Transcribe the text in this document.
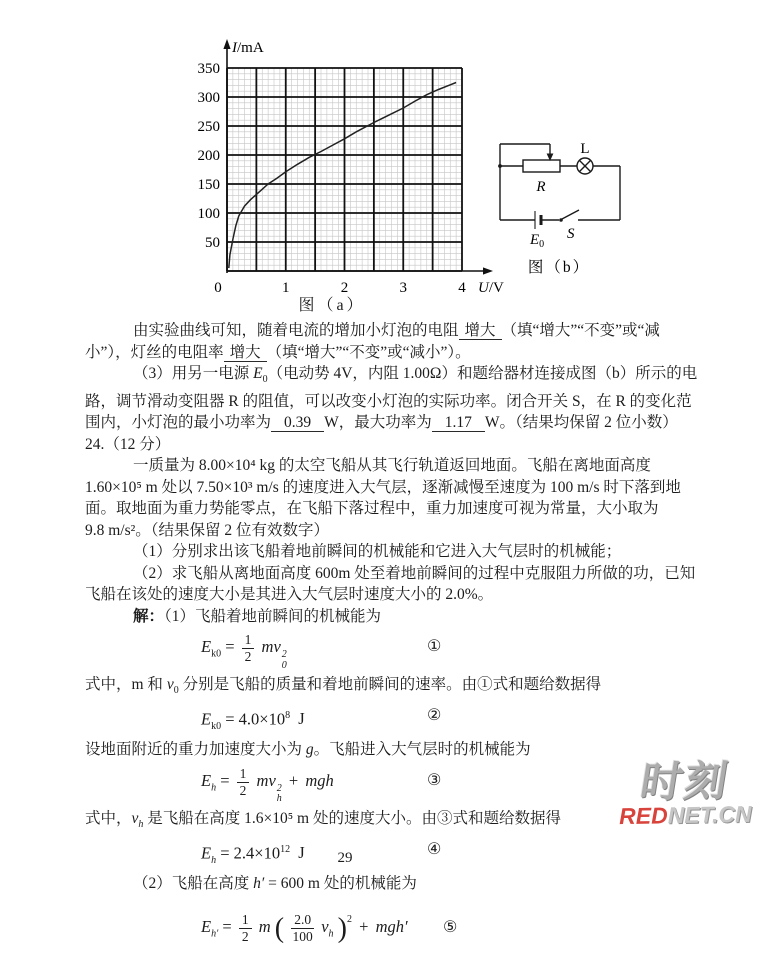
350
300
250
200
150
100
50
0	1	2	3	4
I/mA
U/V
图（a）
L
R
$E_0$
S
图（b）
由实验曲线可知，随着电流的增加小灯泡的电阻 增大 （填“增大”“不变”或“减
小”），灯丝的电阻率 增大 （填“增大”“不变”或“减小”）。
（3）用另一电源 $E_0$（电动势 4V，内阻 1.00Ω）和题给器材连接成图（b）所示的电
路，调节滑动变阻器 R 的阻值，可以改变小灯泡的实际功率。闭合开关 S，在 R 的变化范
围内，小灯泡的最小功率为 0.39 W，最大功率为 1.17 W。（结果均保留 2 位小数）
24.（12 分）
一质量为 8.00×10⁴ kg 的太空飞船从其飞行轨道返回地面。飞船在离地面高度
1.60×10⁵ m 处以 7.50×10³ m/s 的速度进入大气层，逐渐减慢至速度为 100 m/s 时下落到地
面。取地面为重力势能零点，在飞船下落过程中，重力加速度可视为常量，大小取为
9.8 m/s²。（结果保留 2 位有效数字）
（1）分别求出该飞船着地前瞬间的机械能和它进入大气层时的机械能；
（2）求飞船从离地面高度 600m 处至着地前瞬间的过程中克服阻力所做的功，已知
飞船在该处的速度大小是其进入大气层时速度大小的 2.0%。
解：（1）飞船着地前瞬间的机械能为
$E_{k0} = \frac{1}{2}$ mv 2
0
①
式中，m 和 $v_0$ 分别是飞船的质量和着地前瞬间的速率。由①式和题给数据得
$E_{k0} = 4.0\times 10^8$ J	②
设地面附近的重力加速度大小为 g。飞船进入大气层时的机械能为
$E_h = \frac{1}{2}$ mv 2
h
+ mgh	③
式中，$v_h$ 是飞船在高度 1.6×10⁵ m 处的速度大小。由③式和题给数据得
$E_h = 2.4\times 10^{12}$ J	④
（2）飞船在高度 h′ = 600 m 处的机械能为
$E_{h'} = \frac{1}{2}$ m ( $\frac{2.0}{100} v_h$ )$^2$ + mgh′ ⑤
29
时刻
REDNET.CN
